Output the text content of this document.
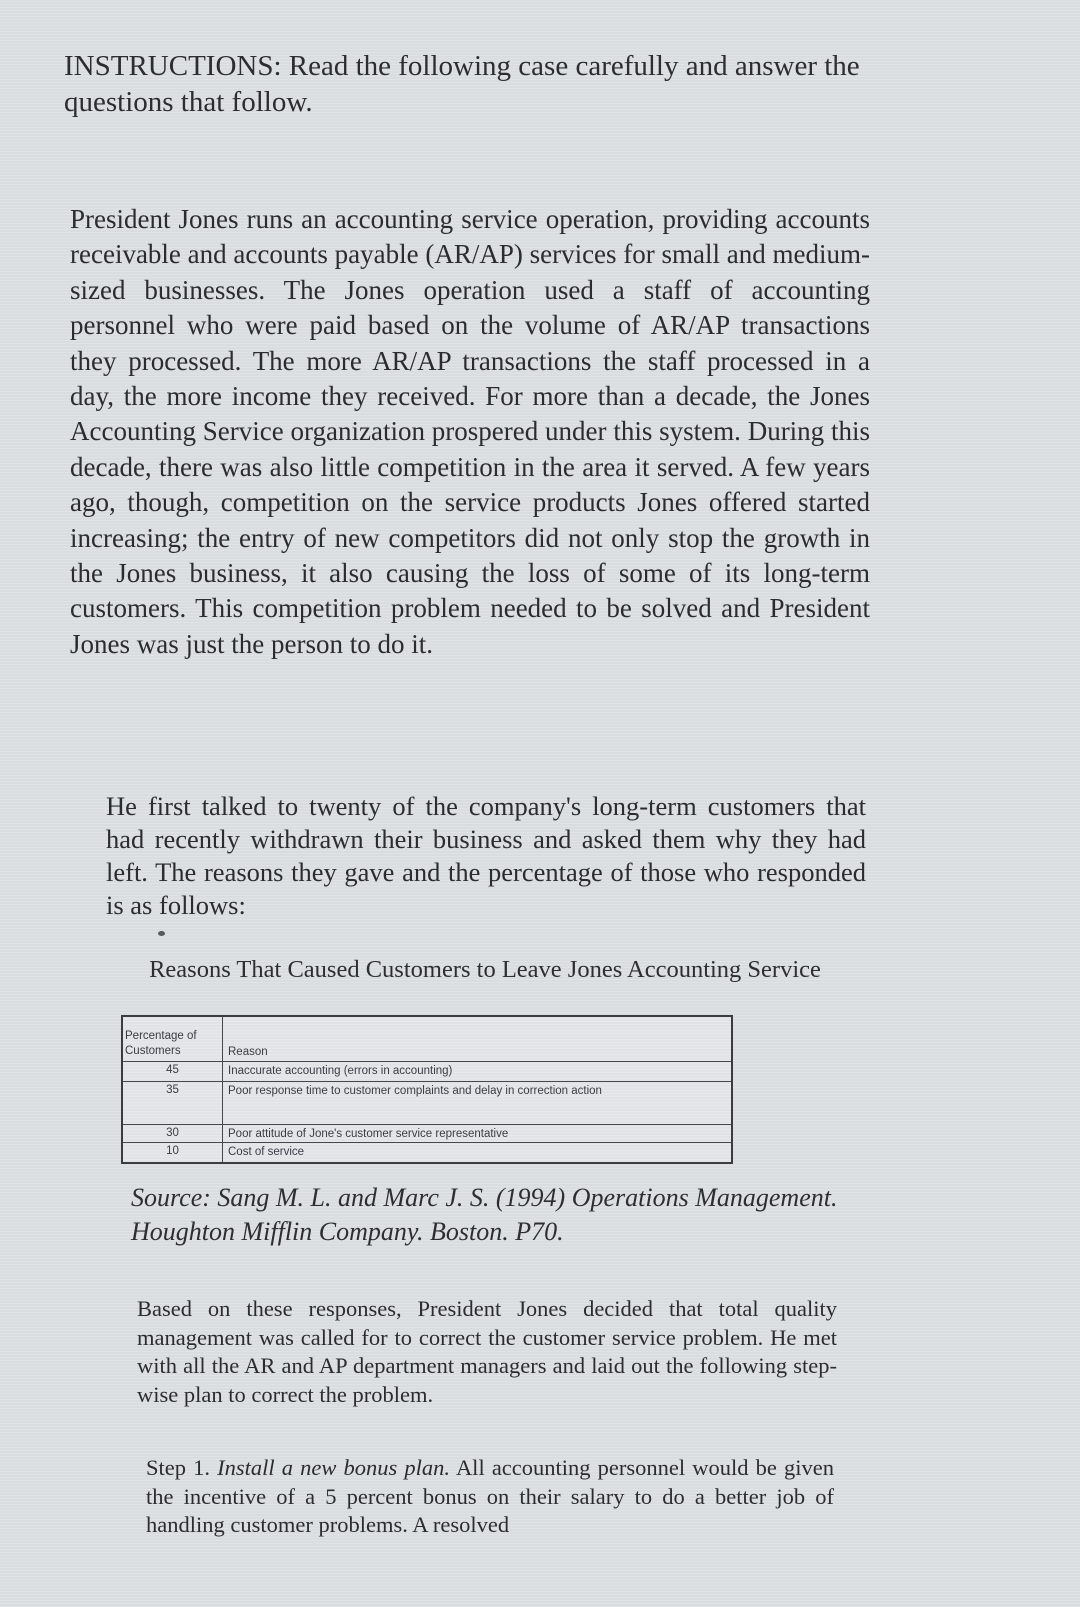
INSTRUCTIONS: Read the following case carefully and answer the questions that follow.
President Jones runs an accounting service operation, providing accounts receivable and accounts payable (AR/AP) services for small and medium-sized businesses. The Jones operation used a staff of accounting personnel who were paid based on the volume of AR/AP transactions they processed. The more AR/AP transactions the staff processed in a day, the more income they received. For more than a decade, the Jones Accounting Service organization prospered under this system. During this decade, there was also little competition in the area it served. A few years ago, though, competition on the service products Jones offered started increasing; the entry of new competitors did not only stop the growth in the Jones business, it also causing the loss of some of its long-term customers. This competition problem needed to be solved and President Jones was just the person to do it.
He first talked to twenty of the company's long-term customers that had recently withdrawn their business and asked them why they had left. The reasons they gave and the percentage of those who responded is as follows:
Reasons That Caused Customers to Leave Jones Accounting Service
Percentage of Customers	Reason
45	Inaccurate accounting (errors in accounting)
35	Poor response time to customer complaints and delay in correction action
30	Poor attitude of Jone's customer service representative
10	Cost of service
Source: Sang M. L. and Marc J. S. (1994) Operations Management. Houghton Mifflin Company. Boston. P70.
Based on these responses, President Jones decided that total quality management was called for to correct the customer service problem. He met with all the AR and AP department managers and laid out the following step-wise plan to correct the problem.
Step 1. Install a new bonus plan. All accounting personnel would be given the incentive of a 5 percent bonus on their salary to do a better job of handling customer problems. A resolved
